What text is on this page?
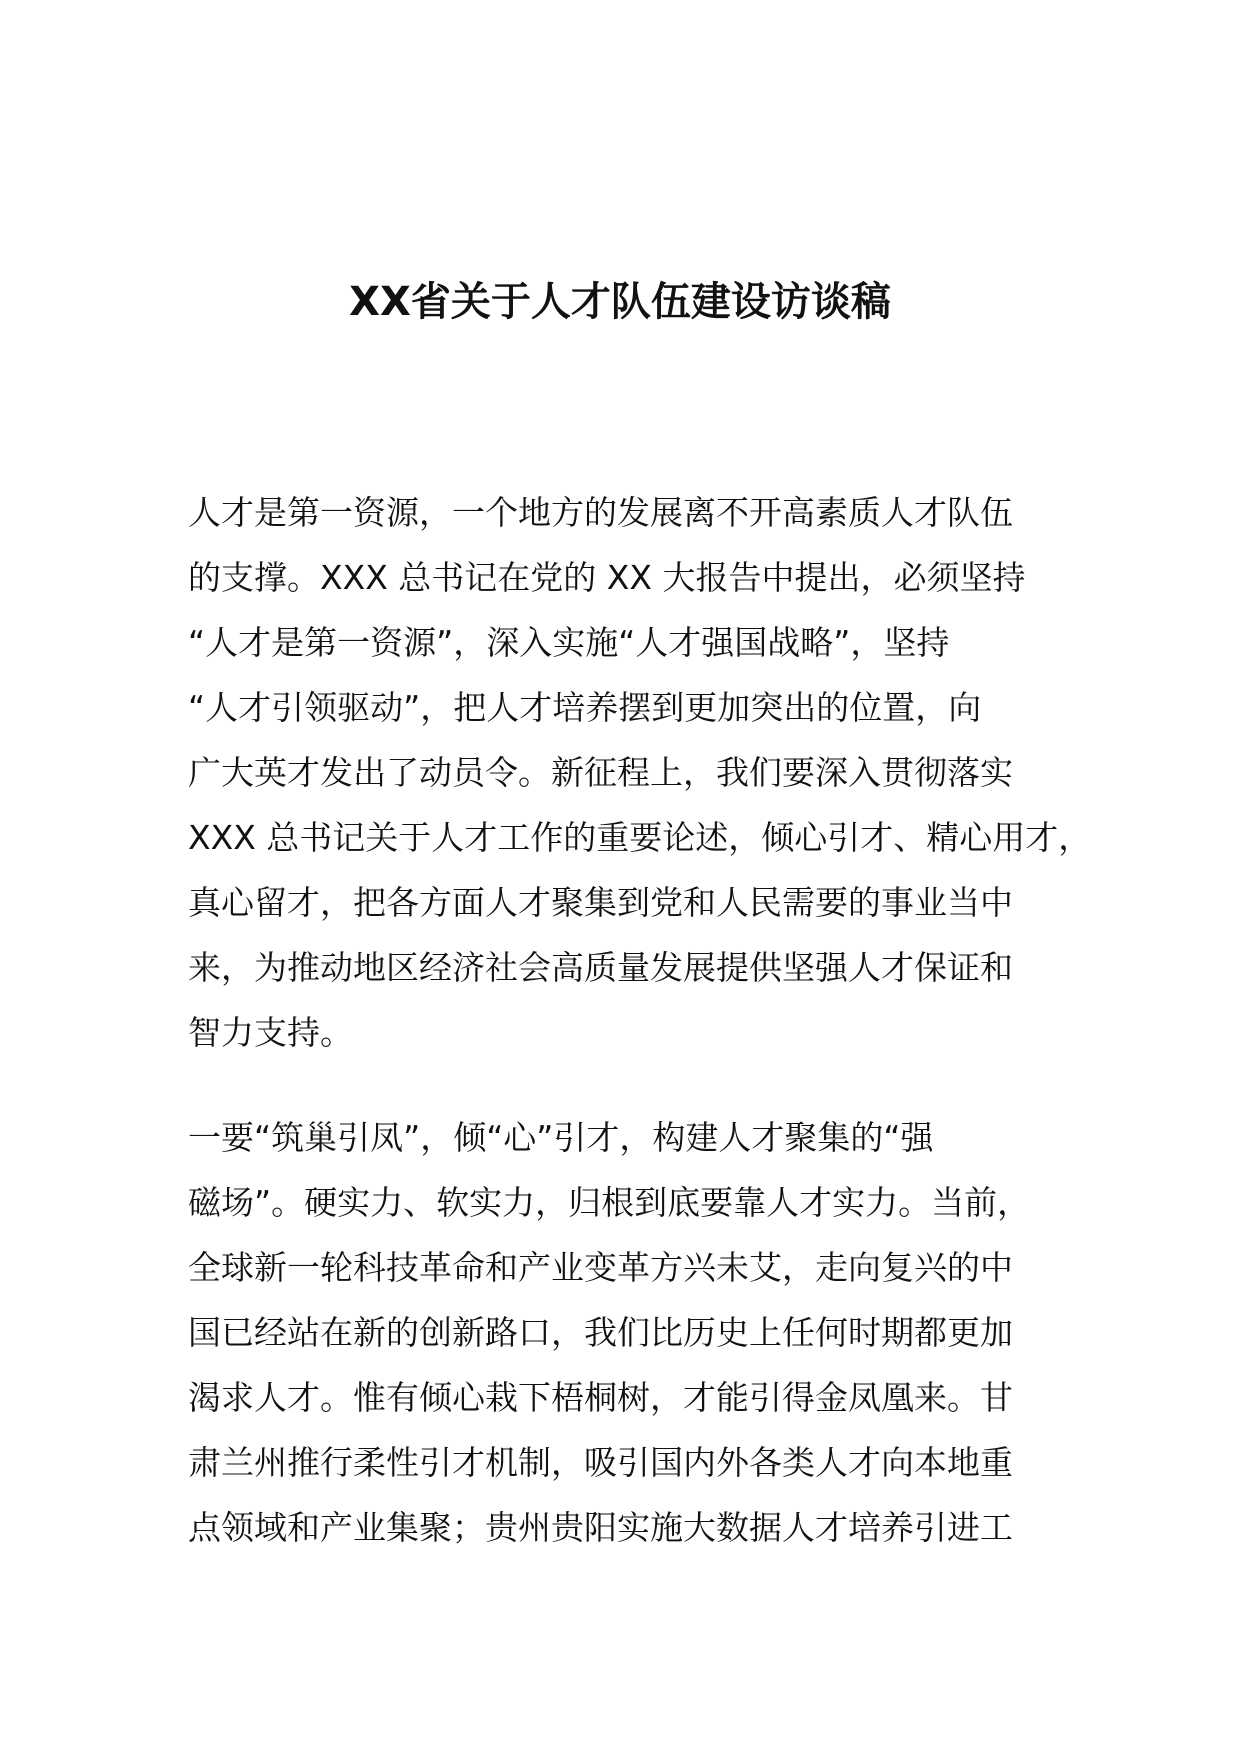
XX省关于人才队伍建设访谈稿
人才是第一资源，一个地方的发展离不开高素质人才队伍
的支撑。XXX 总书记在党的 XX 大报告中提出，必须坚持
“人才是第一资源”，深入实施“人才强国战略”，坚持
“人才引领驱动”，把人才培养摆到更加突出的位置，向
广大英才发出了动员令。新征程上，我们要深入贯彻落实
XXX 总书记关于人才工作的重要论述，倾心引才、精心用才，
真心留才，把各方面人才聚集到党和人民需要的事业当中
来，为推动地区经济社会高质量发展提供坚强人才保证和
智力支持。
一要“筑巢引凤”，倾“心”引才，构建人才聚集的“强
磁场”。硬实力、软实力，归根到底要靠人才实力。当前，
全球新一轮科技革命和产业变革方兴未艾，走向复兴的中
国已经站在新的创新路口，我们比历史上任何时期都更加
渴求人才。惟有倾心栽下梧桐树，才能引得金凤凰来。甘
肃兰州推行柔性引才机制，吸引国内外各类人才向本地重
点领域和产业集聚；贵州贵阳实施大数据人才培养引进工
